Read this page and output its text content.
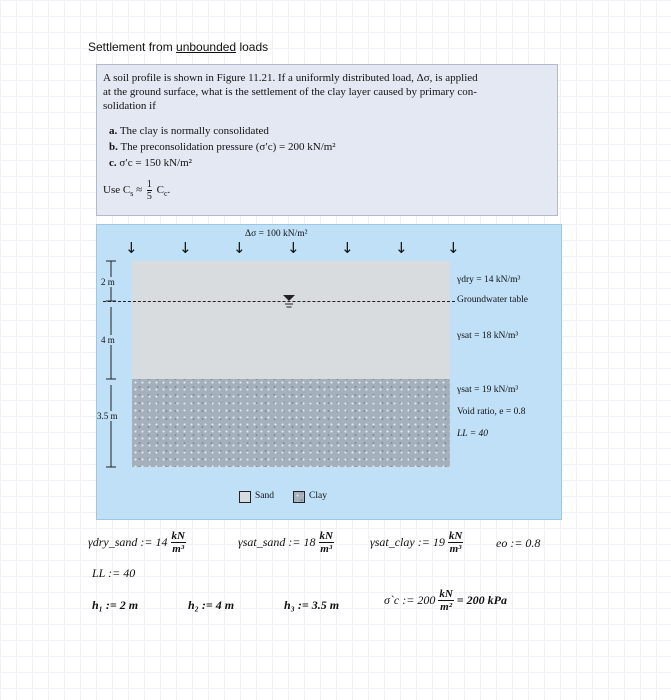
Settlement from unbounded loads
A soil profile is shown in Figure 11.21. If a uniformly distributed load, Δσ, is applied
at the ground surface, what is the settlement of the clay layer caused by primary con-
solidation if
a. The clay is normally consolidated
b. The preconsolidation pressure (σ′c) = 200 kN/m²
c. σ′c = 150 kN/m²
Use $C_s \approx \frac{1}{5} C_c$.
Δσ = 100 kN/m²
↓	↓	↓	↓	↓	↓	↓
2 m
4 m
3.5 m
γdry = 14 kN/m³
Groundwater table
γsat = 18 kN/m³
γsat = 19 kN/m³
Void ratio, e = 0.8
LL = 40
Sand	Clay
γdry_sand := $14 \frac{kN}{\text{m³}}$	γsat_sand := $18 \frac{kN}{\text{m³}}$	γsat_clay := $19 \frac{kN}{\text{m³}}$	eo := 0.8
LL := 40
h₁ := 2 m	h₂ := 4 m	h₃ := 3.5 m	σ`c := $200 \frac{kN}{\text{m²}} = 200$ kPa
